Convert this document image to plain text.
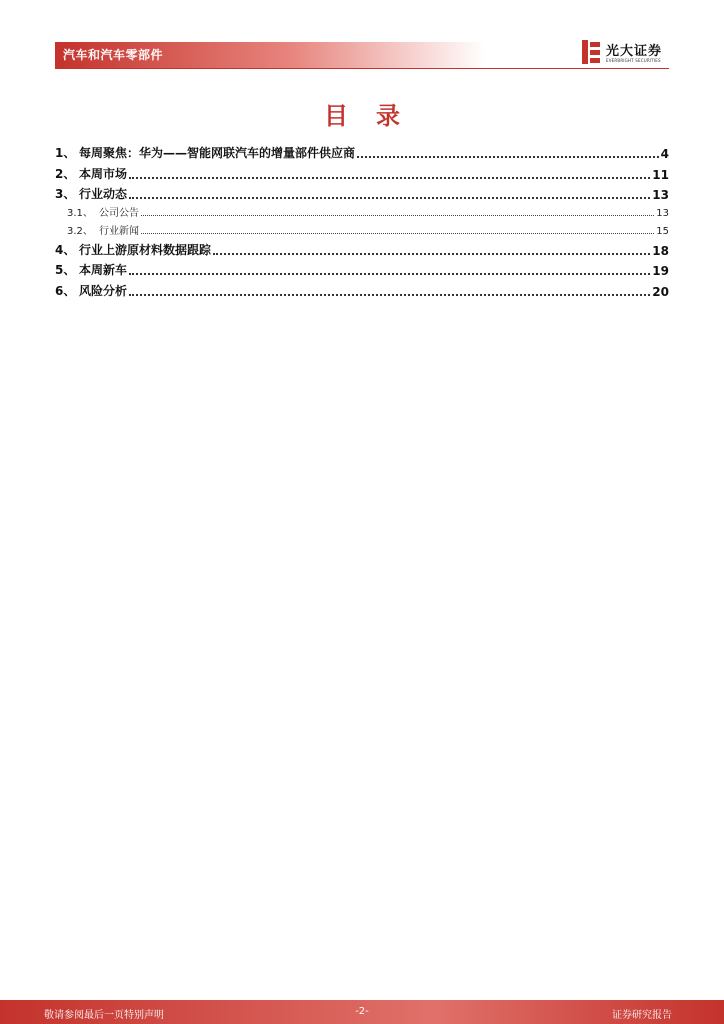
汽车和汽车零部件	光大证券
EVERBRIGHT SECURITIES
目录
1、 每周聚焦：华为——智能网联汽车的增量部件供应商	4
2、 本周市场	11
3、 行业动态	13
3.1、 公司公告	13
3.2、 行业新闻	15
4、 行业上游原材料数据跟踪	18
5、 本周新车	19
6、 风险分析	20
敬请参阅最后一页特别声明	-2-	证券研究报告
